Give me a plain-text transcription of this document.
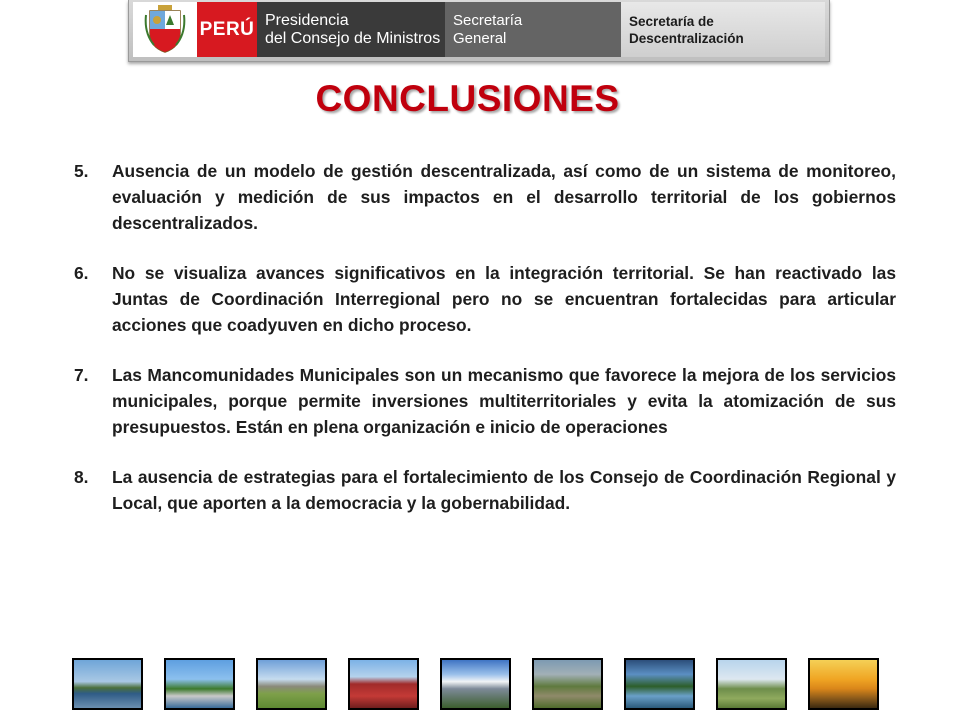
PERÚ Presidencia
del Consejo de Ministros
Secretaría
General
Secretaría de
Descentralización
CONCLUSIONES
5.	Ausencia de un modelo de gestión descentralizada, así como de un sistema de monitoreo, evaluación y medición de sus impactos en el desarrollo territorial de los gobiernos descentralizados.
6.	No se visualiza avances significativos en la integración territorial. Se han reactivado las Juntas de Coordinación Interregional pero no se encuentran fortalecidas para articular acciones que coadyuven en dicho proceso.
7.	Las Mancomunidades Municipales son un mecanismo que favorece la mejora de los servicios municipales, porque permite inversiones multiterritoriales y evita la atomización de sus presupuestos. Están en plena organización e inicio de operaciones
8.	La ausencia de estrategias para el fortalecimiento de los Consejo de Coordinación Regional y Local, que aporten a la democracia y la gobernabilidad.
